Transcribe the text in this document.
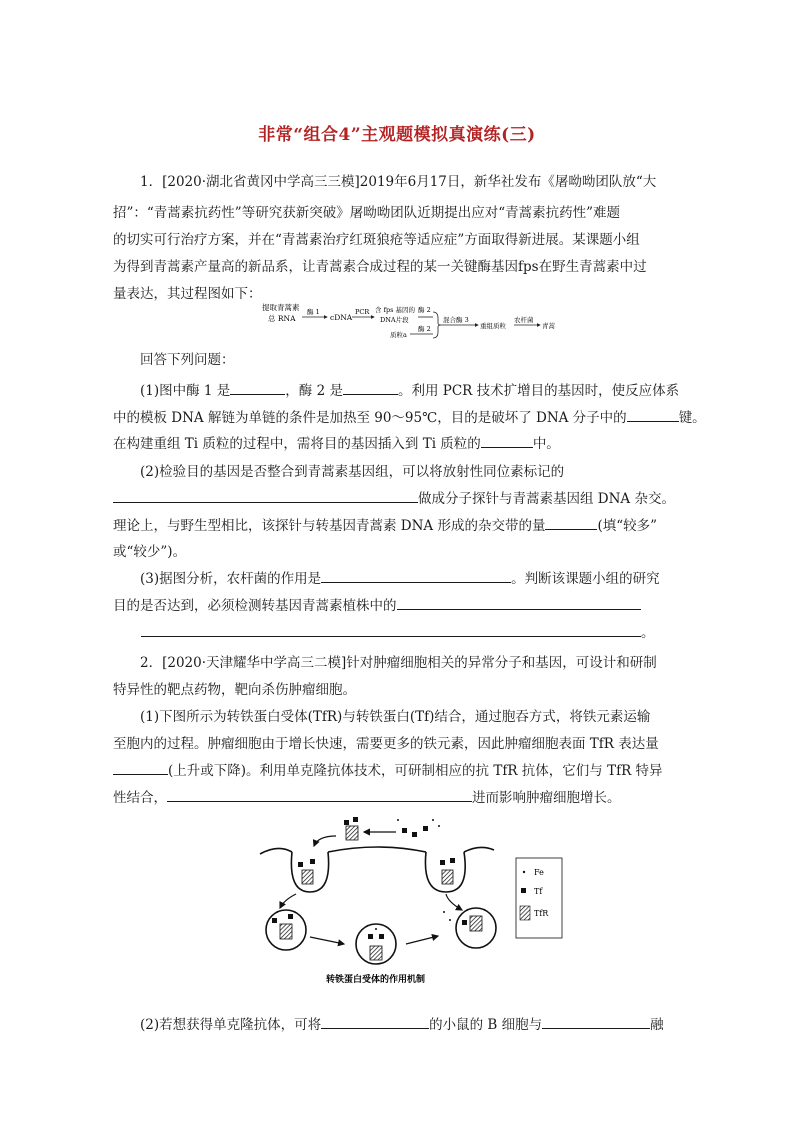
非常“组合4”主观题模拟真演练(三)
1．[2020·湖北省黄冈中学高三三模]2019年6月17日，新华社发布《屠呦呦团队放“大
招”：“青蒿素抗药性”等研究获新突破》屠呦呦团队近期提出应对“青蒿素抗药性”难题
的切实可行治疗方案，并在“青蒿素治疗红斑狼疮等适应症”方面取得新进展。某课题小组
为得到青蒿素产量高的新品系，让青蒿素合成过程的某一关键酶基因fps在野生青蒿素中过
量表达，其过程图如下：
提取青蒿素
总 RNA
酶 1
cDNA
PCR 含 fps 基因的
DNA片段
酶 2
质粒a
酶 2
混合酶 3
重组质粒
农杆菌
青蒿
回答下列问题：
(1)图中酶 1 是	，酶 2 是	。利用 PCR 技术扩增目的基因时，使反应体系
中的模板 DNA 解链为单链的条件是加热至 90～95℃，目的是破坏了 DNA 分子中的	键。
在构建重组 Ti 质粒的过程中，需将目的基因插入到 Ti 质粒的	中。
(2)检验目的基因是否整合到青蒿素基因组，可以将放射性同位素标记的
做成分子探针与青蒿素基因组 DNA 杂交。
理论上，与野生型相比，该探针与转基因青蒿素 DNA 形成的杂交带的量	(填“较多”
或“较少”)。
(3)据图分析，农杆菌的作用是	。判断该课题小组的研究
目的是否达到，必须检测转基因青蒿素植株中的
。
2．[2020·天津耀华中学高三二模]针对肿瘤细胞相关的异常分子和基因，可设计和研制
特异性的靶点药物，靶向杀伤肿瘤细胞。
(1)下图所示为转铁蛋白受体(TfR)与转铁蛋白(Tf)结合，通过胞吞方式，将铁元素运输
至胞内的过程。肿瘤细胞由于增长快速，需要更多的铁元素，因此肿瘤细胞表面 TfR 表达量
(上升或下降)。利用单克隆抗体技术，可研制相应的抗 TfR 抗体，它们与 TfR 特异
性结合，	进而影响肿瘤细胞增长。
Fe
Tf
TfR
转铁蛋白受体的作用机制
(2)若想获得单克隆抗体，可将	的小鼠的 B 细胞与	融
